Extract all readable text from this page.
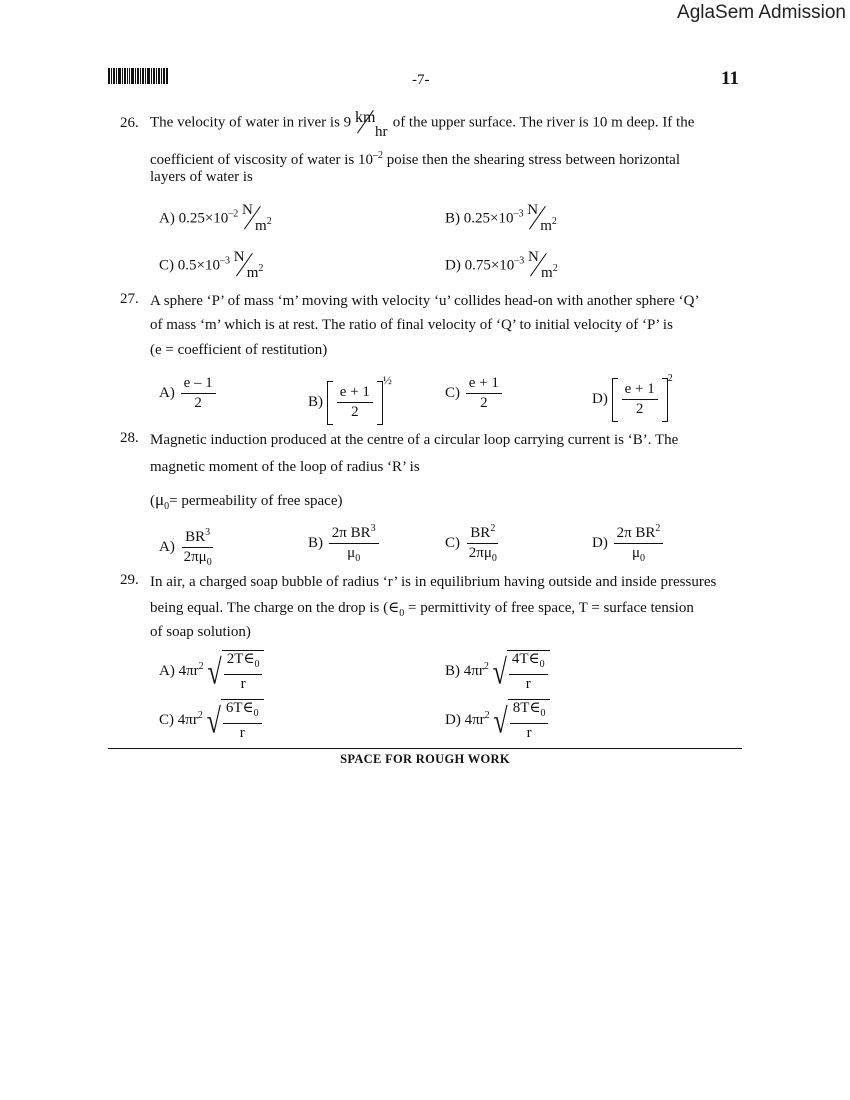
AglaSem Admission
-7-	11
26. The velocity of water in river is 9 km
hr
of the upper surface. The river is 10 m deep. If the
coefficient of viscosity of water is $10^{-2}$ poise then the shearing stress between horizontal
layers of water is
A) $0.25\times 10^{-2}$ N
$m^2$	B) $0.25\times 10^{-3}$ N
$m^2$
C) $0.5\times 10^{-3}$ N
$m^2$	D) $0.75\times 10^{-3}$ N
$m^2$
27. A sphere ‘P’ of mass ‘m’ moving with velocity ‘u’ collides head-on with another sphere ‘Q’
of mass ‘m’ which is at rest. The ratio of final velocity of ‘Q’ to initial velocity of ‘P’ is
(e = coefficient of restitution)
$A) \frac{e - 1}{2}$	$B) \frac{e + 1}{2}$
$^{\frac{1}{2}}$
$C) \frac{e + 1}{2}$	$D) \frac{e + 1}{2}$
$^2$
28. Magnetic induction produced at the centre of a circular loop carrying current is ‘B’. The
magnetic moment of the loop of radius ‘R’ is
($\mu_0=$ permeability of free space)
$A) \frac{BR^3}{2\pi\mu_0}$	$B) \frac{2\pi BR^3}{\mu_0}$	$C) \frac{BR^2}{2\pi\mu_0}$	$D) \frac{2\pi BR^2}{\mu_0}$
29. In air, a charged soap bubble of radius ‘r’ is in equilibrium having outside and inside pressures
being equal. The charge on the drop is ($\in_0$ = permittivity of free space, T = surface tension
of soap solution)
A) $4\pi r^2$ √ $\frac{2T\in_0}{r}$	B) $4\pi r^2$ √ $\frac{4T\in_0}{r}$
C) $4\pi r^2$ √ $\frac{6T\in_0}{r}$	D) $4\pi r^2$ √ $\frac{8T\in_0}{r}$
SPACE FOR ROUGH WORK
